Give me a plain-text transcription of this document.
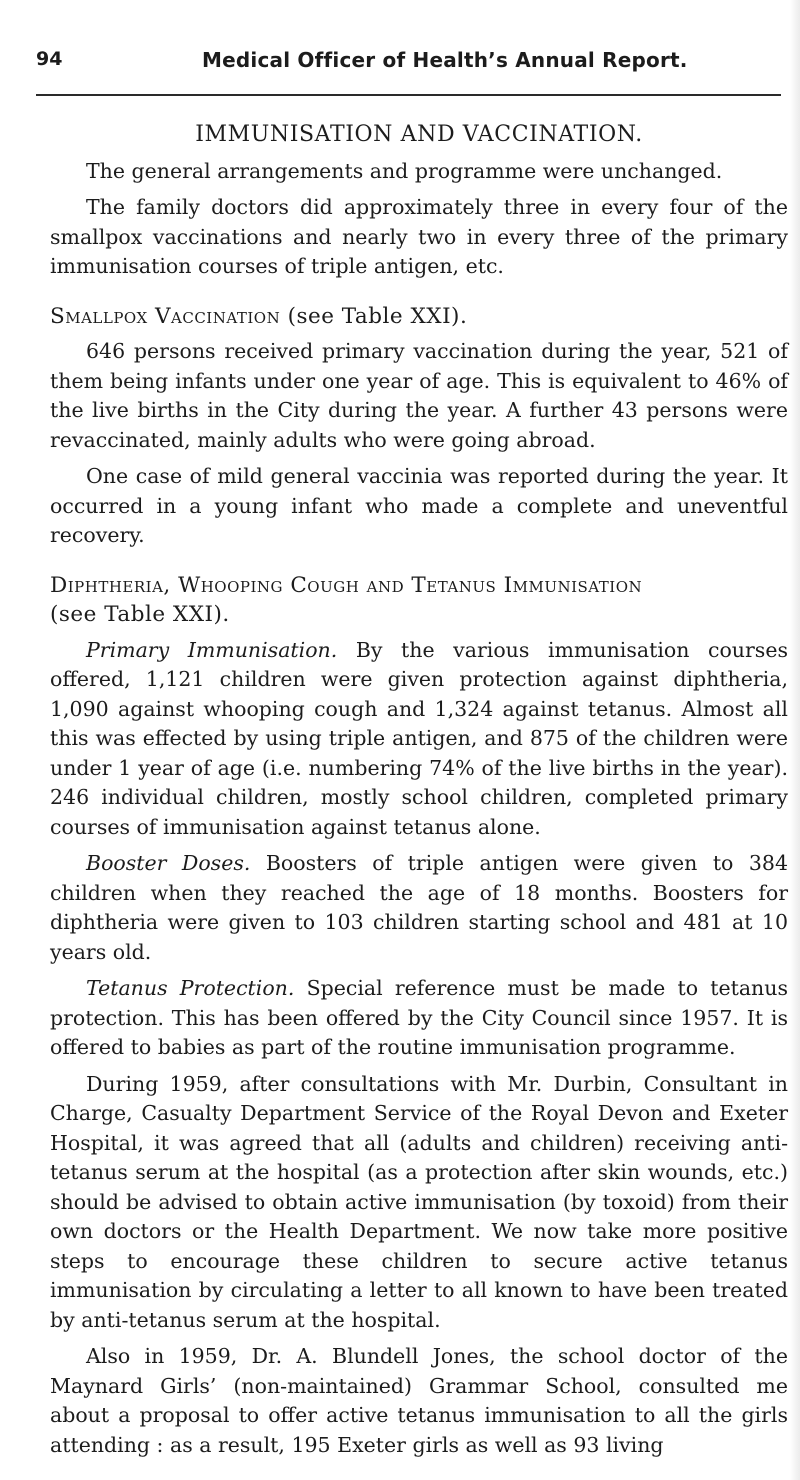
94	Medical Officer of Health’s Annual Report.
IMMUNISATION AND VACCINATION.

The general arrangements and programme were unchanged.

The family doctors did approximately three in every four of the smallpox vaccinations and nearly two in every three of the primary immunisation courses of triple antigen, etc.

Smallpox Vaccination (see Table XXI).

646 persons received primary vaccination during the year, 521 of them being infants under one year of age. This is equivalent to 46% of the live births in the City during the year. A further 43 persons were revaccinated, mainly adults who were going abroad.

One case of mild general vaccinia was reported during the year. It occurred in a young infant who made a complete and uneventful recovery.

Diphtheria, Whooping Cough and Tetanus Immunisation
(see Table XXI).

Primary Immunisation. By the various immunisation courses offered, 1,121 children were given protection against diphtheria, 1,090 against whooping cough and 1,324 against tetanus. Almost all this was effected by using triple antigen, and 875 of the children were under 1 year of age (i.e. numbering 74% of the live births in the year). 246 individual children, mostly school children, completed primary courses of immunisation against tetanus alone.

Booster Doses. Boosters of triple antigen were given to 384 children when they reached the age of 18 months. Boosters for diphtheria were given to 103 children starting school and 481 at 10 years old.

Tetanus Protection. Special reference must be made to tetanus protection. This has been offered by the City Council since 1957. It is offered to babies as part of the routine immunisation programme.

During 1959, after consultations with Mr. Durbin, Consultant in Charge, Casualty Department Service of the Royal Devon and Exeter Hospital, it was agreed that all (adults and children) receiving anti-tetanus serum at the hospital (as a protection after skin wounds, etc.) should be advised to obtain active immunisation (by toxoid) from their own doctors or the Health Department. We now take more positive steps to encourage these children to secure active tetanus immunisation by circulating a letter to all known to have been treated by anti-tetanus serum at the hospital.

Also in 1959, Dr. A. Blundell Jones, the school doctor of the Maynard Girls’ (non-maintained) Grammar School, consulted me about a proposal to offer active tetanus immunisation to all the girls attending : as a result, 195 Exeter girls as well as 93 living
